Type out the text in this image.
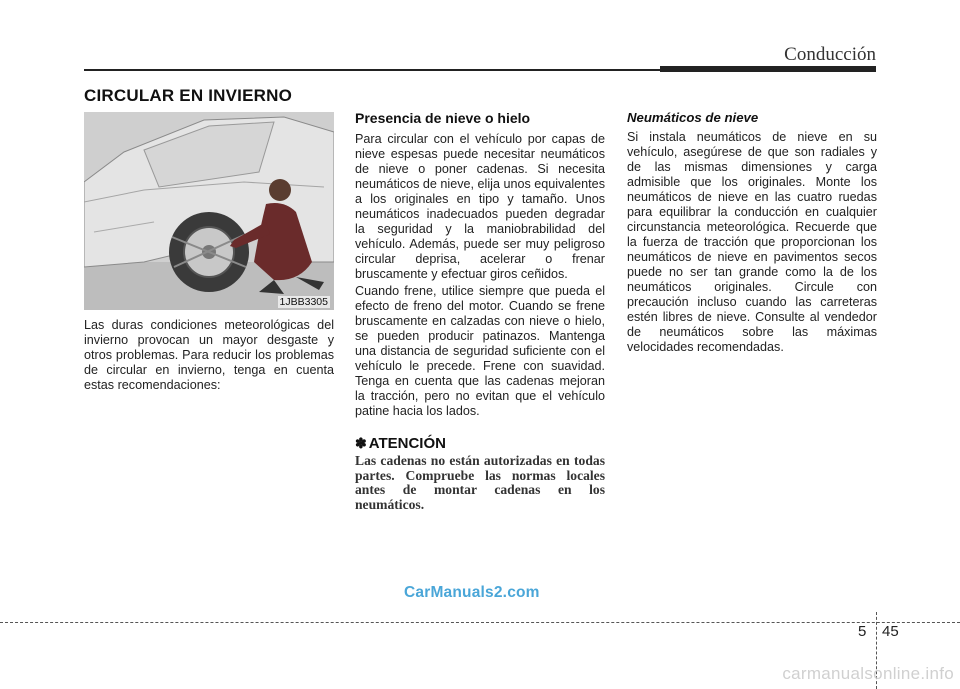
Conducción
CIRCULAR EN INVIERNO
1JBB3305

Las duras condiciones meteorológicas del invierno provocan un mayor desgaste y otros problemas. Para reducir los problemas de circular en invierno, tenga en cuenta estas recomendaciones:

Presencia de nieve o hielo

Para circular con el vehículo por capas de nieve espesas puede necesitar neumáticos de nieve o poner cadenas. Si necesita neumáticos de nieve, elija unos equivalentes a los originales en tipo y tamaño. Unos neumáticos inadecuados pueden degradar la seguridad y la maniobrabilidad del vehículo. Además, puede ser muy peligroso circular deprisa, acelerar o frenar bruscamente y efectuar giros ceñidos.

Cuando frene, utilice siempre que pueda el efecto de freno del motor. Cuando se frene bruscamente en calzadas con nieve o hielo, se pueden producir patinazos. Mantenga una distancia de seguridad suficiente con el vehículo le precede. Frene con suavidad. Tenga en cuenta que las cadenas mejoran la tracción, pero no evitan que el vehículo patine hacia los lados.

✽ ATENCIÓN
Las cadenas no están autorizadas en todas partes. Compruebe las normas locales antes de montar cadenas en los neumáticos.
Neumáticos de nieve

Si instala neumáticos de nieve en su vehículo, asegúrese de que son radiales y de las mismas dimensiones y carga admisible que los originales. Monte los neumáticos de nieve en las cuatro ruedas para equilibrar la conducción en cualquier circunstancia meteorológica. Recuerde que la fuerza de tracción que proporcionan los neumáticos de nieve en pavimentos secos puede no ser tan grande como la de los neumáticos originales. Circule con precaución incluso cuando las carreteras estén libres de nieve. Consulte al vendedor de neumáticos sobre las máximas velocidades recomendadas.

CarManuals2.com
5 45
carmanualsonline.info
